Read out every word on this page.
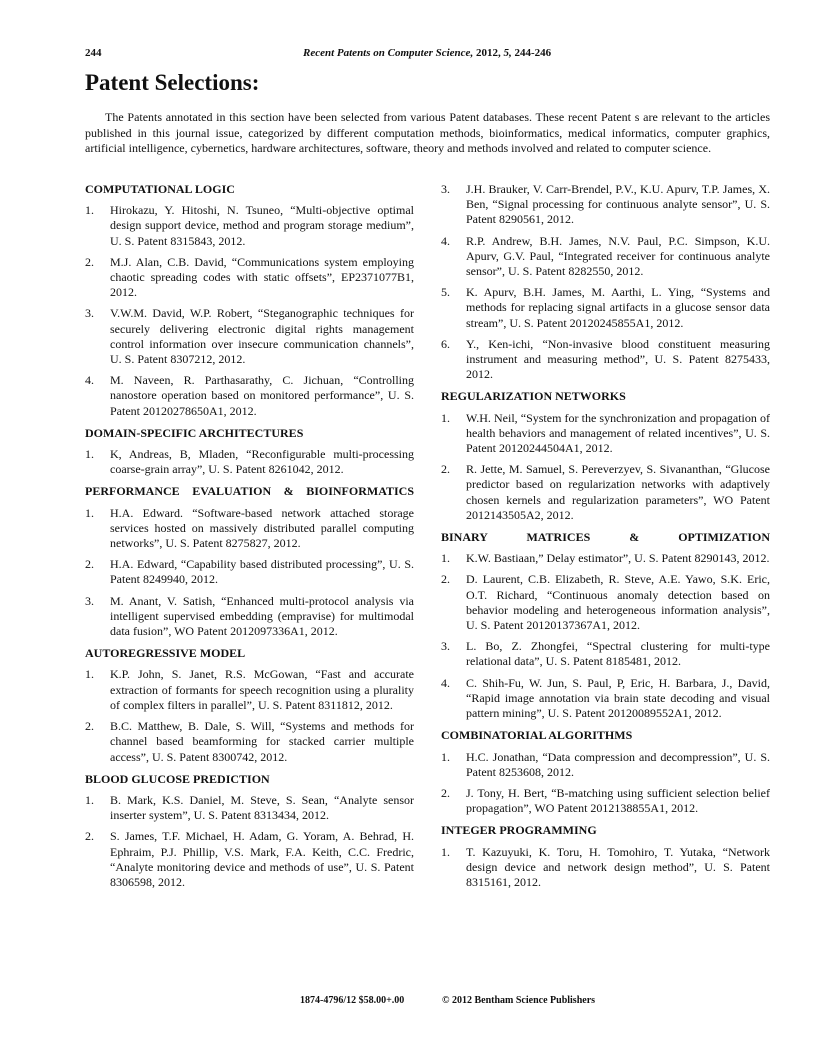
244	Recent Patents on Computer Science, 2012, 5, 244-246
Patent Selections:

The Patents annotated in this section have been selected from various Patent databases. These recent Patent s are relevant to the articles published in this journal issue, categorized by different computation methods, bioinformatics, medical informatics, computer graphics, artificial intelligence, cybernetics, hardware architectures, software, theory and methods involved and related to computer science.

COMPUTATIONAL LOGIC
1.	Hirokazu, Y. Hitoshi, N. Tsuneo, “Multi-objective optimal design support device, method and program storage medium”, U. S. Patent 8315843, 2012.
2.	M.J. Alan, C.B. David, “Communications system employing chaotic spreading codes with static offsets”, EP2371077B1, 2012.
3.	V.W.M. David, W.P. Robert, “Steganographic techniques for securely delivering electronic digital rights management control information over insecure communication channels”, U. S. Patent 8307212, 2012.
4.	M. Naveen, R. Parthasarathy, C. Jichuan, “Controlling nanostore operation based on monitored performance”, U. S. Patent 20120278650A1, 2012.
DOMAIN-SPECIFIC ARCHITECTURES
1.	K, Andreas, B, Mladen, “Reconfigurable multi-processing coarse-grain array”, U. S. Patent 8261042, 2012.
PERFORMANCE EVALUATION & BIOINFORMATICS
1.	H.A. Edward. “Software-based network attached storage services hosted on massively distributed parallel computing networks”, U. S. Patent 8275827, 2012.
2.	H.A. Edward, “Capability based distributed processing”, U. S. Patent 8249940, 2012.
3.	M. Anant, V. Satish, “Enhanced multi-protocol analysis via intelligent supervised embedding (empravise) for multimodal data fusion”, WO Patent 2012097336A1, 2012.
AUTOREGRESSIVE MODEL
1.	K.P. John, S. Janet, R.S. McGowan, “Fast and accurate extraction of formants for speech recognition using a plurality of complex filters in parallel”, U. S. Patent 8311812, 2012.
2.	B.C. Matthew, B. Dale, S. Will, “Systems and methods for channel based beamforming for stacked carrier multiple access”, U. S. Patent 8300742, 2012.
BLOOD GLUCOSE PREDICTION
1.	B. Mark, K.S. Daniel, M. Steve, S. Sean, “Analyte sensor inserter system”, U. S. Patent 8313434, 2012.
2.	S. James, T.F. Michael, H. Adam, G. Yoram, A. Behrad, H. Ephraim, P.J. Phillip, V.S. Mark, F.A. Keith, C.C. Fredric, “Analyte monitoring device and methods of use”, U. S. Patent 8306598, 2012.
3.	J.H. Brauker, V. Carr-Brendel, P.V., K.U. Apurv, T.P. James, X. Ben, “Signal processing for continuous analyte sensor”, U. S. Patent 8290561, 2012.
4.	R.P. Andrew, B.H. James, N.V. Paul, P.C. Simpson, K.U. Apurv, G.V. Paul, “Integrated receiver for continuous analyte sensor”, U. S. Patent 8282550, 2012.
5.	K. Apurv, B.H. James, M. Aarthi, L. Ying, “Systems and methods for replacing signal artifacts in a glucose sensor data stream”, U. S. Patent 20120245855A1, 2012.
6.	Y., Ken-ichi, “Non-invasive blood constituent measuring instrument and measuring method”, U. S. Patent 8275433, 2012.
REGULARIZATION NETWORKS
1.	W.H. Neil, “System for the synchronization and propagation of health behaviors and management of related incentives”, U. S. Patent 20120244504A1, 2012.
2.	R. Jette, M. Samuel, S. Pereverzyev, S. Sivananthan, “Glucose predictor based on regularization networks with adaptively chosen kernels and regularization parameters”, WO Patent 2012143505A2, 2012.
BINARY MATRICES & OPTIMIZATION
1.	K.W. Bastiaan,” Delay estimator”, U. S. Patent 8290143, 2012.
2.	D. Laurent, C.B. Elizabeth, R. Steve, A.E. Yawo, S.K. Eric, O.T. Richard, “Continuous anomaly detection based on behavior modeling and heterogeneous information analysis”, U. S. Patent 20120137367A1, 2012.
3.	L. Bo, Z. Zhongfei, “Spectral clustering for multi-type relational data”, U. S. Patent 8185481, 2012.
4.	C. Shih-Fu, W. Jun, S. Paul, P, Eric, H. Barbara, J., David, “Rapid image annotation via brain state decoding and visual pattern mining”, U. S. Patent 20120089552A1, 2012.
COMBINATORIAL ALGORITHMS
1.	H.C. Jonathan, “Data compression and decompression”, U. S. Patent 8253608, 2012.
2.	J. Tony, H. Bert, “B-matching using sufficient selection belief propagation”, WO Patent 2012138855A1, 2012.
INTEGER PROGRAMMING
1.	T. Kazuyuki, K. Toru, H. Tomohiro, T. Yutaka, “Network design device and network design method”, U. S. Patent 8315161, 2012.
1874-4796/12 $58.00+.00	© 2012 Bentham Science Publishers
